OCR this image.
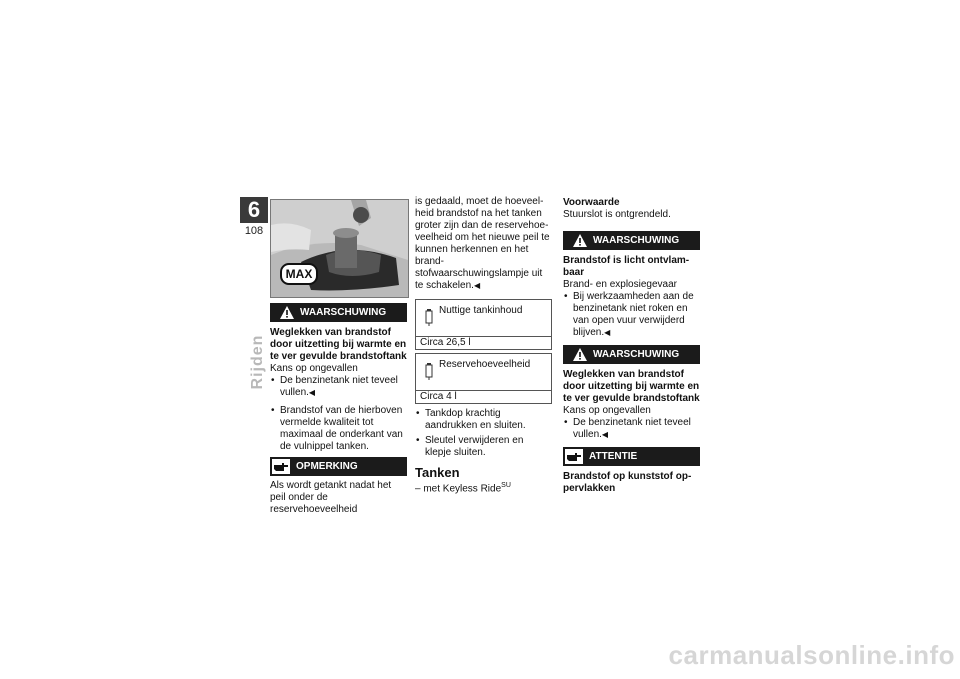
6
108
Rijden
MAX
WAARSCHUWING
Weglekken van brandstof door uitzetting bij warmte en te ver gevulde brandstoftank
Kans op ongevallen
• De benzinetank niet teveel vullen.◀
• Brandstof van de hierboven vermelde kwaliteit tot maximaal de onderkant van de vulnippel tanken.
OPMERKING
Als wordt getankt nadat het peil onder de reservehoeveelheid
is gedaald, moet de hoeveel-heid brandstof na het tanken groter zijn dan de reservehoe-veelheid om het nieuwe peil te kunnen herkennen en het brand-stofwaarschuwingslampje uit te schakelen.◀
Nuttige tankinhoud
Circa 26,5 l
Reservehoeveelheid
Circa 4 l
• Tankdop krachtig aandrukken en sluiten.
• Sleutel verwijderen en klepje sluiten.
Tanken
– met Keyless Ride$^{SU}$
Voorwaarde
Stuurslot is ontgrendeld.
WAARSCHUWING
Brandstof is licht ontvlam-baar
Brand- en explosiegevaar
• Bij werkzaamheden aan de benzinetank niet roken en van open vuur verwijderd blijven.◀
WAARSCHUWING
Weglekken van brandstof door uitzetting bij warmte en te ver gevulde brandstoftank
Kans op ongevallen
• De benzinetank niet teveel vullen.◀
ATTENTIE
Brandstof op kunststof op-pervlakken
carmanualsonline.info
